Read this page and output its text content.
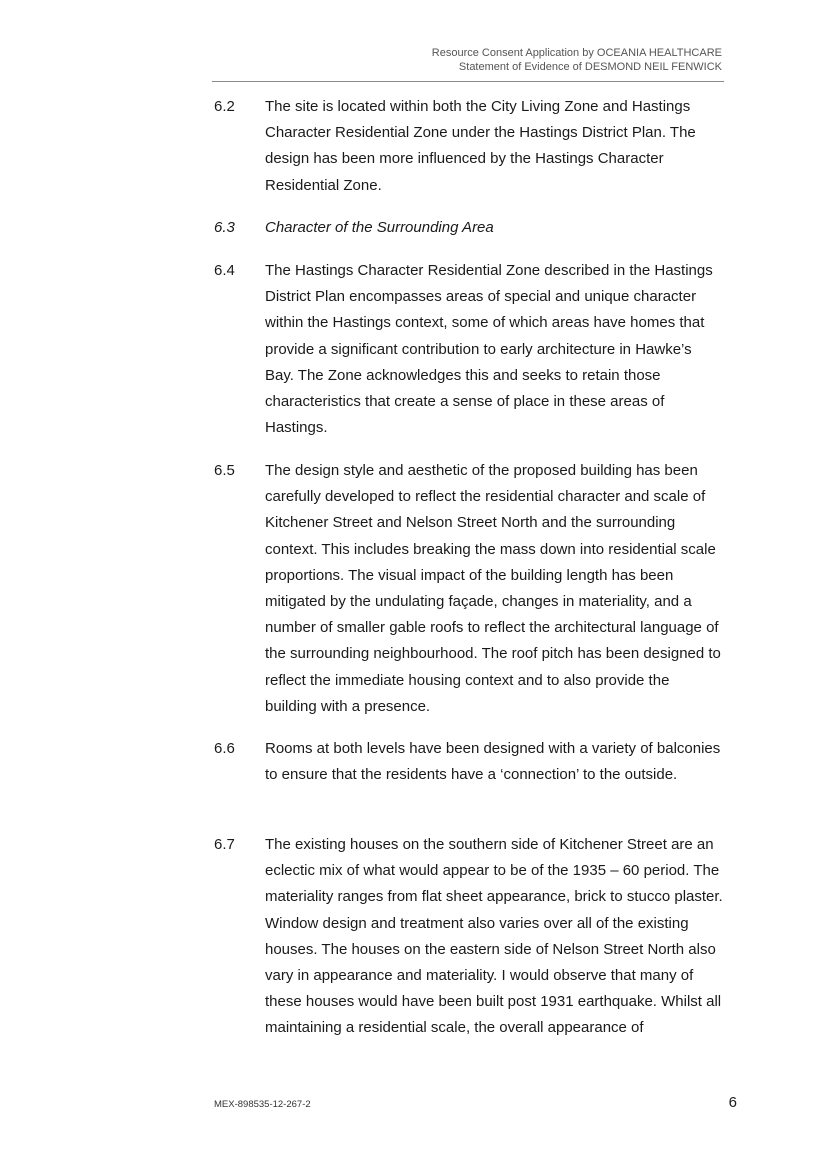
Resource Consent Application by OCEANIA HEALTHCARE
Statement of Evidence of DESMOND NEIL FENWICK
6.2	The site is located within both the City Living Zone and Hastings Character Residential Zone under the Hastings District Plan. The design has been more influenced by the Hastings Character Residential Zone.
6.3	Character of the Surrounding Area
6.4	The Hastings Character Residential Zone described in the Hastings District Plan encompasses areas of special and unique character within the Hastings context, some of which areas have homes that provide a significant contribution to early architecture in Hawke’s Bay. The Zone acknowledges this and seeks to retain those characteristics that create a sense of place in these areas of Hastings.
6.5	The design style and aesthetic of the proposed building has been carefully developed to reflect the residential character and scale of Kitchener Street and Nelson Street North and the surrounding context. This includes breaking the mass down into residential scale proportions. The visual impact of the building length has been mitigated by the undulating façade, changes in materiality, and a number of smaller gable roofs to reflect the architectural language of the surrounding neighbourhood. The roof pitch has been designed to reflect the immediate housing context and to also provide the building with a presence.
6.6	Rooms at both levels have been designed with a variety of balconies to ensure that the residents have a ‘connection’ to the outside.
6.7	The existing houses on the southern side of Kitchener Street are an eclectic mix of what would appear to be of the 1935 – 60 period. The materiality ranges from flat sheet appearance, brick to stucco plaster. Window design and treatment also varies over all of the existing houses. The houses on the eastern side of Nelson Street North also vary in appearance and materiality. I would observe that many of these houses would have been built post 1931 earthquake. Whilst all maintaining a residential scale, the overall appearance of
MEX-898535-12-267-2	6
